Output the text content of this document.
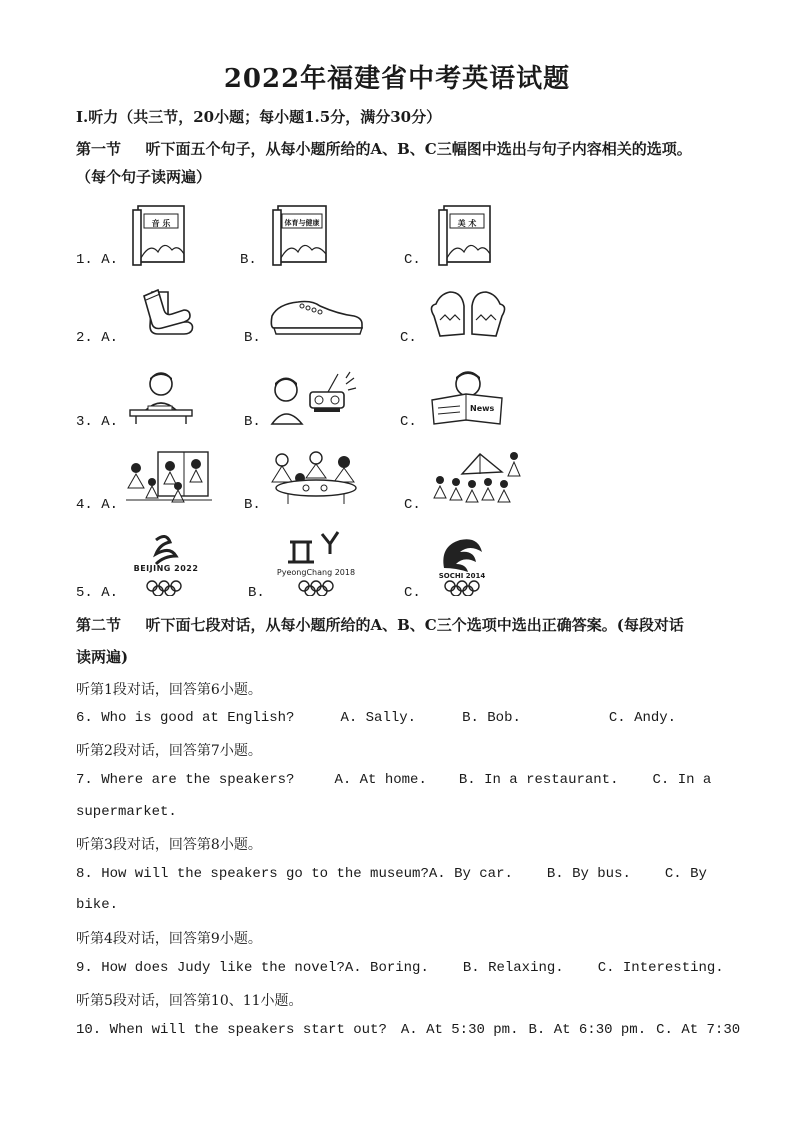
2022年福建省中考英语试题
I.听力（共三节，20小题；每小题1.5分，满分30分）
第一节 听下面五个句子，从每小题所给的A、B、C三幅图中选出与句子内容相关的选项。
（每个句子读两遍）
1. A.	B.	C.
音 乐	体育与健康	美 术
2. A.	B.	C.
3. A.	B.	C.
News
4. A.	B.	C.
5. A.	B.	C.
BEIJING 2022	PyeongChang 2018	SOCHI 2014
第二节 听下面七段对话，从每小题所给的A、B、C三个选项中选出正确答案。(每段对话
读两遍)
听第1段对话，回答第6小题。
6. Who is good at English?	A. Sally.	B. Bob.	C. Andy.
听第2段对话，回答第7小题。
7. Where are the speakers?	A. At home. B. In a restaurant. C. In a
supermarket.
听第3段对话，回答第8小题。
8. How will the speakers go to the museum?A. By car. B. By bus. C. By
bike.
听第4段对话，回答第9小题。
9. How does Judy like the novel?A. Boring. B. Relaxing. C. Interesting.
听第5段对话，回答第10、11小题。
10. When will the speakers start out? A. At 5:30 pm. B. At 6:30 pm. C. At 7:30
